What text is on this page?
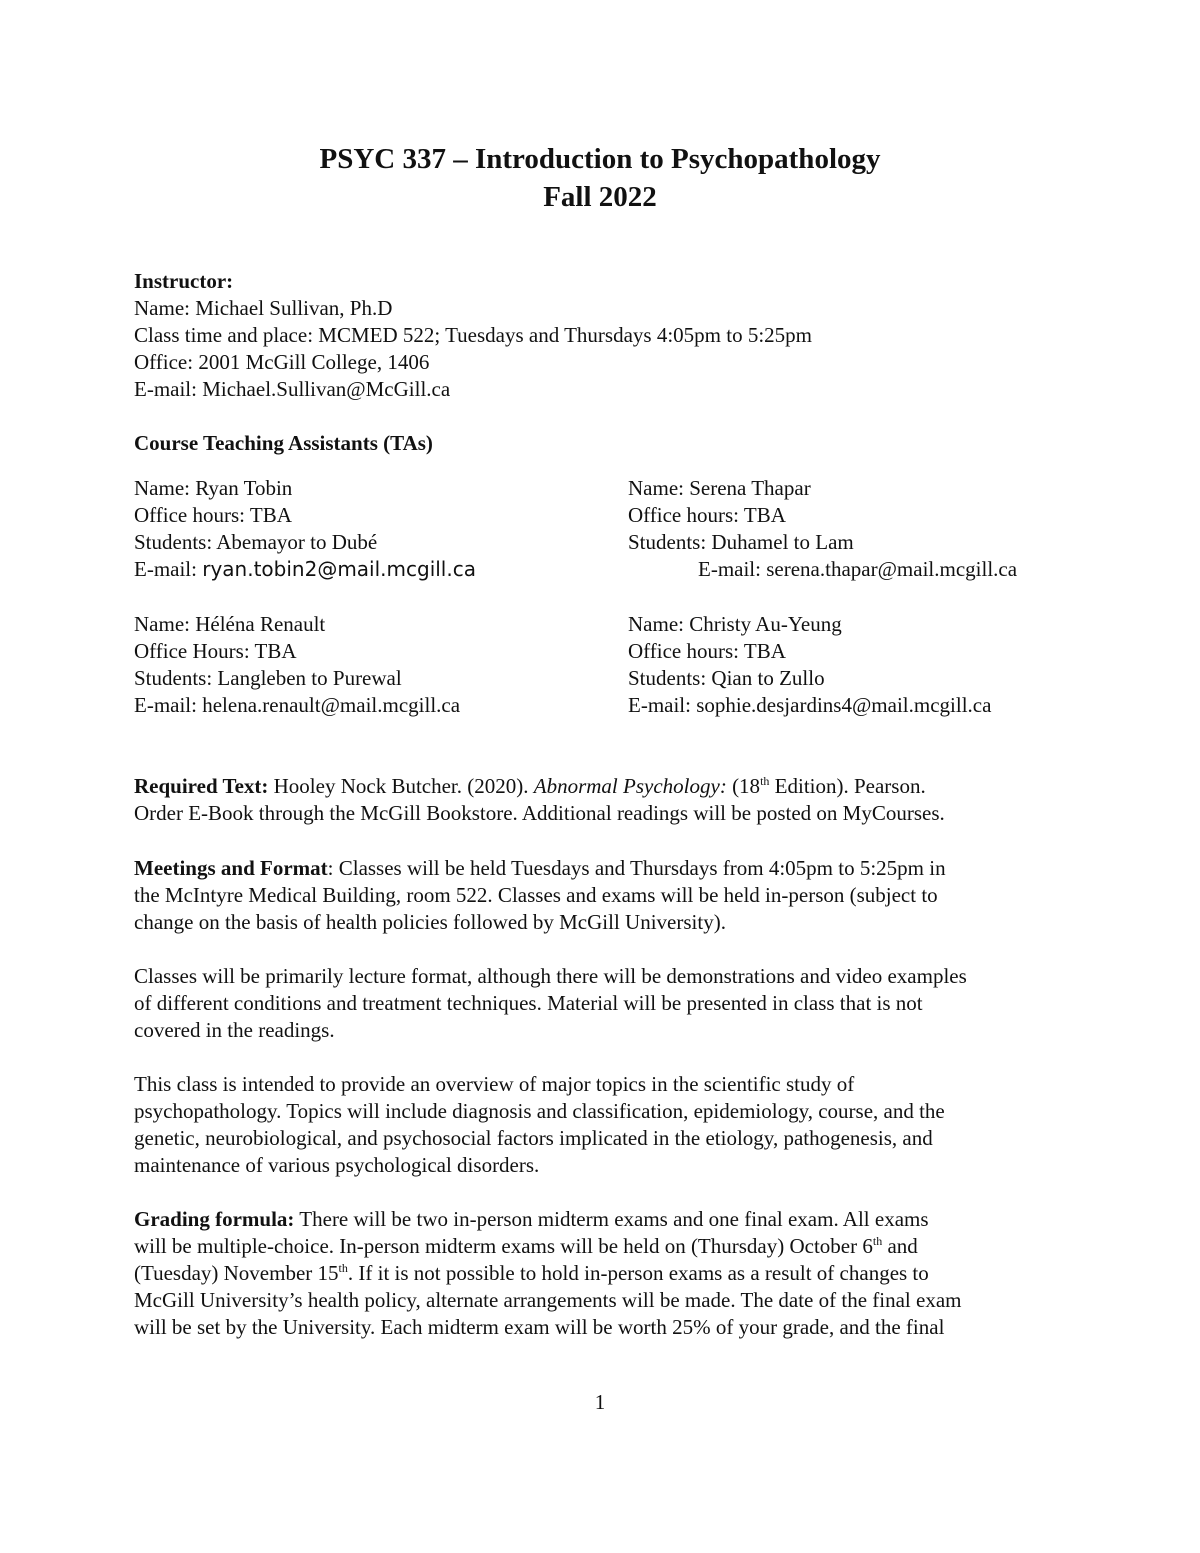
PSYC 337 – Introduction to Psychopathology
Fall 2022
Instructor:
Name: Michael Sullivan, Ph.D
Class time and place: MCMED 522; Tuesdays and Thursdays 4:05pm to 5:25pm
Office: 2001 McGill College, 1406
E-mail: Michael.Sullivan@McGill.ca
Course Teaching Assistants (TAs)
Name: Ryan Tobin
Office hours: TBA
Students: Abemayor to Dubé
E-mail: ryan.tobin2@mail.mcgill.ca
Name: Serena Thapar
Office hours: TBA
Students: Duhamel to Lam
E-mail: serena.thapar@mail.mcgill.ca
Name: Héléna Renault
Office Hours: TBA
Students: Langleben to Purewal
E-mail: helena.renault@mail.mcgill.ca
Name: Christy Au-Yeung
Office hours: TBA
Students: Qian to Zullo
E-mail: sophie.desjardins4@mail.mcgill.ca
Required Text: Hooley Nock Butcher. (2020). Abnormal Psychology: (18th Edition). Pearson.
Order E-Book through the McGill Bookstore. Additional readings will be posted on MyCourses.
Meetings and Format: Classes will be held Tuesdays and Thursdays from 4:05pm to 5:25pm in
the McIntyre Medical Building, room 522. Classes and exams will be held in-person (subject to
change on the basis of health policies followed by McGill University).
Classes will be primarily lecture format, although there will be demonstrations and video examples
of different conditions and treatment techniques. Material will be presented in class that is not
covered in the readings.
This class is intended to provide an overview of major topics in the scientific study of
psychopathology. Topics will include diagnosis and classification, epidemiology, course, and the
genetic, neurobiological, and psychosocial factors implicated in the etiology, pathogenesis, and
maintenance of various psychological disorders.
Grading formula: There will be two in-person midterm exams and one final exam. All exams
will be multiple-choice. In-person midterm exams will be held on (Thursday) October 6th and
(Tuesday) November 15th. If it is not possible to hold in-person exams as a result of changes to
McGill University’s health policy, alternate arrangements will be made. The date of the final exam
will be set by the University. Each midterm exam will be worth 25% of your grade, and the final
1
